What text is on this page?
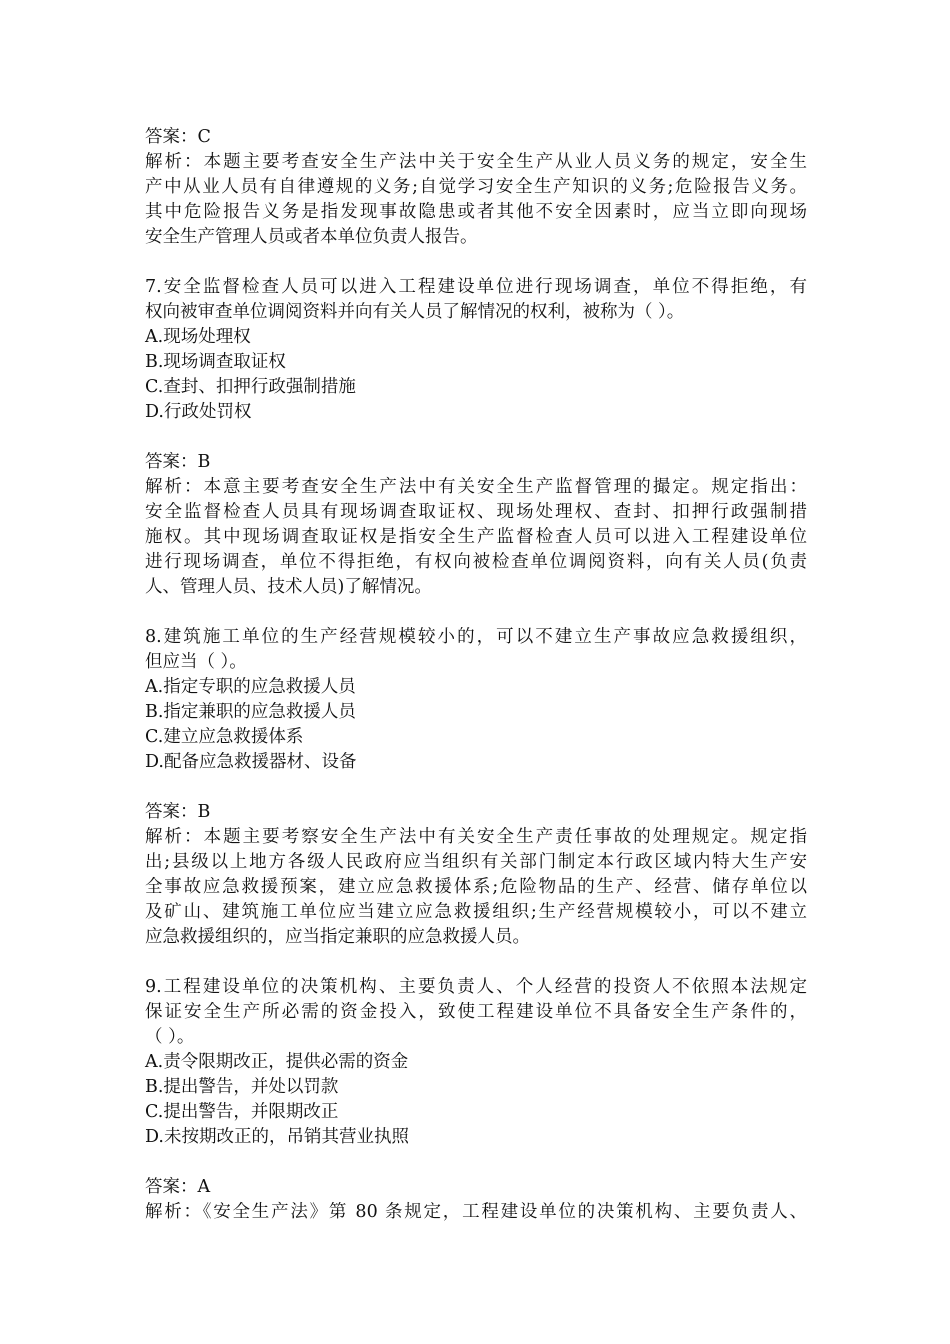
答案：C
解析：本题主要考查安全生产法中关于安全生产从业人员义务的规定，安全生
产中从业人员有自律遵规的义务;自觉学习安全生产知识的义务;危险报告义务。
其中危险报告义务是指发现事故隐患或者其他不安全因素时，应当立即向现场
安全生产管理人员或者本单位负责人报告。
7.安全监督检查人员可以进入工程建设单位进行现场调查，单位不得拒绝，有
权向被审查单位调阅资料并向有关人员了解情况的权利，被称为（ ）。
A.现场处理权
B.现场调查取证权
C.查封、扣押行政强制措施
D.行政处罚权
答案：B
解析：本意主要考查安全生产法中有关安全生产监督管理的撮定。规定指出：
安全监督检查人员具有现场调查取证权、现场处理权、查封、扣押行政强制措
施权。其中现场调查取证权是指安全生产监督检查人员可以进入工程建设单位
进行现场调查，单位不得拒绝，有权向被检查单位调阅资料，向有关人员(负责
人、管理人员、技术人员)了解情况。
8.建筑施工单位的生产经营规模较小的，可以不建立生产事故应急救援组织，
但应当（ ）。
A.指定专职的应急救援人员
B.指定兼职的应急救援人员
C.建立应急救援体系
D.配备应急救援器材、设备
答案：B
解析：本题主要考察安全生产法中有关安全生产责任事故的处理规定。规定指
出;县级以上地方各级人民政府应当组织有关部门制定本行政区域内特大生产安
全事故应急救援预案，建立应急救援体系;危险物品的生产、经营、储存单位以
及矿山、建筑施工单位应当建立应急救援组织;生产经营规模较小，可以不建立
应急救援组织的，应当指定兼职的应急救援人员。
9.工程建设单位的决策机构、主要负责人、个人经营的投资人不依照本法规定
保证安全生产所必需的资金投入，致使工程建设单位不具备安全生产条件的，
（ ）。
A.责令限期改正，提供必需的资金
B.提出警告，并处以罚款
C.提出警告，并限期改正
D.未按期改正的，吊销其营业执照
答案：A
解析：《安全生产法》第 80 条规定，工程建设单位的决策机构、主要负责人、
